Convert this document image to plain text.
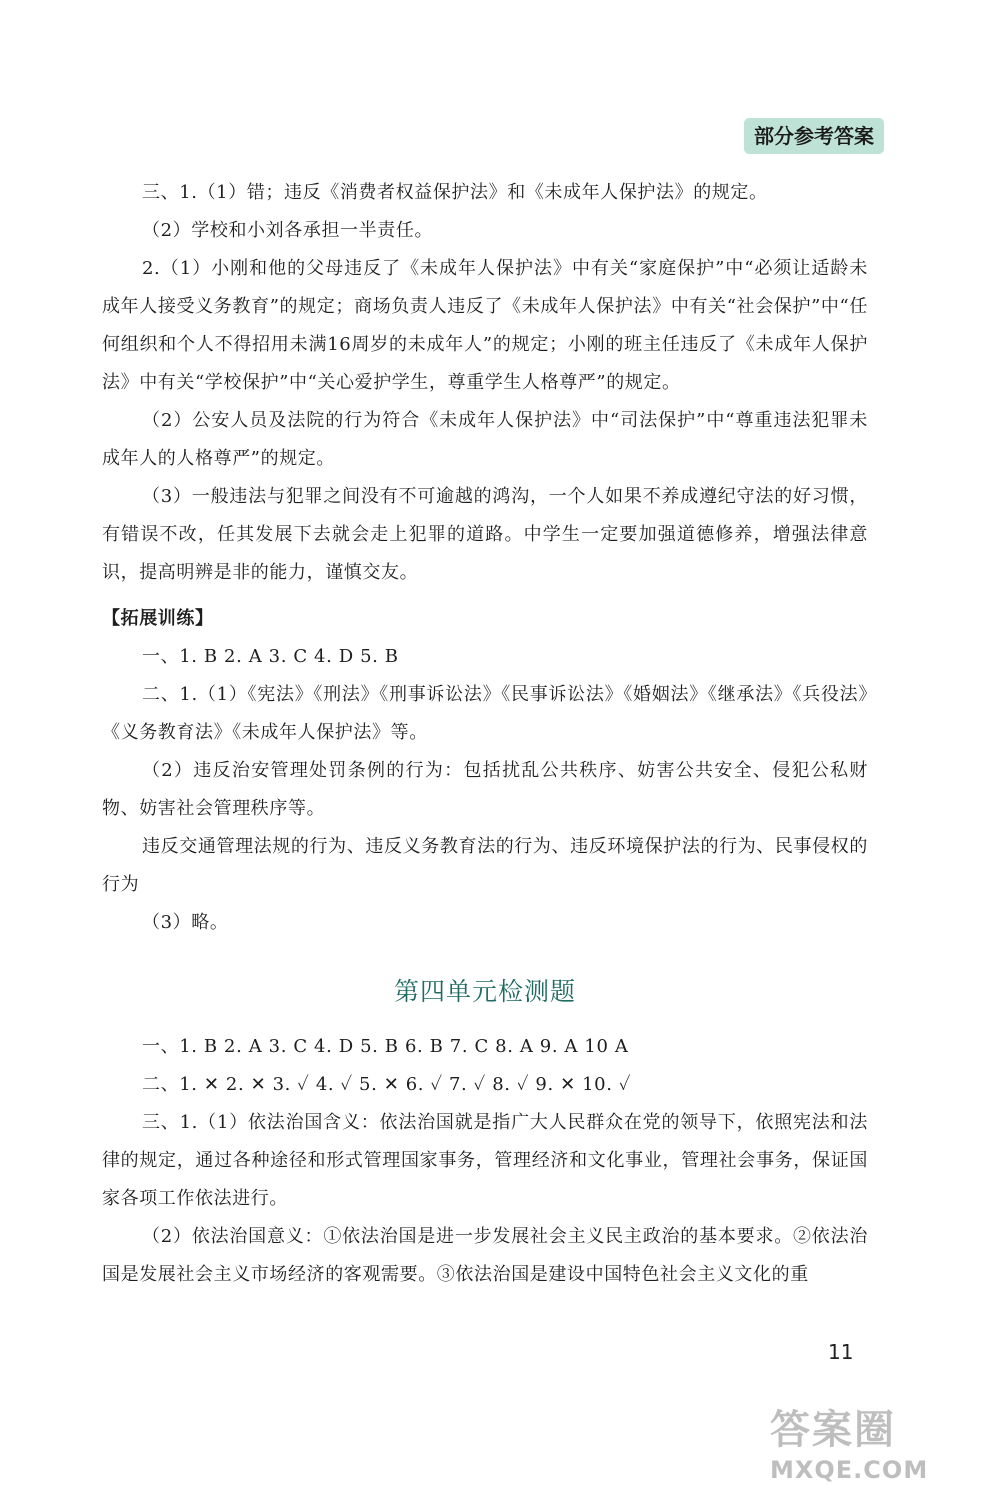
部分参考答案

三、1.（1）错；违反《消费者权益保护法》和《未成年人保护法》的规定。

（2）学校和小刘各承担一半责任。

2.（1）小刚和他的父母违反了《未成年人保护法》中有关“家庭保护”中“必须让适龄未成年人接受义务教育”的规定；商场负责人违反了《未成年人保护法》中有关“社会保护”中“任何组织和个人不得招用未满16周岁的未成年人”的规定；小刚的班主任违反了《未成年人保护法》中有关“学校保护”中“关心爱护学生，尊重学生人格尊严”的规定。

（2）公安人员及法院的行为符合《未成年人保护法》中“司法保护”中“尊重违法犯罪未成年人的人格尊严”的规定。

（3）一般违法与犯罪之间没有不可逾越的鸿沟，一个人如果不养成遵纪守法的好习惯，有错误不改，任其发展下去就会走上犯罪的道路。中学生一定要加强道德修养，增强法律意识，提高明辨是非的能力，谨慎交友。

【拓展训练】

一、1. B 2. A 3. C 4. D 5. B

二、1.（1）《宪法》《刑法》《刑事诉讼法》《民事诉讼法》《婚姻法》《继承法》《兵役法》《义务教育法》《未成年人保护法》等。

（2）违反治安管理处罚条例的行为：包括扰乱公共秩序、妨害公共安全、侵犯公私财物、妨害社会管理秩序等。

违反交通管理法规的行为、违反义务教育法的行为、违反环境保护法的行为、民事侵权的行为

（3）略。

第四单元检测题

一、1. B 2. A 3. C 4. D 5. B 6. B 7. C 8. A 9. A 10 A

二、1. ✕ 2. ✕ 3. ✓ 4. ✓ 5. ✕ 6. ✓ 7. ✓ 8. ✓ 9. ✕ 10. ✓

三、1.（1）依法治国含义：依法治国就是指广大人民群众在党的领导下，依照宪法和法律的规定，通过各种途径和形式管理国家事务，管理经济和文化事业，管理社会事务，保证国家各项工作依法进行。

（2）依法治国意义：①依法治国是进一步发展社会主义民主政治的基本要求。②依法治国是发展社会主义市场经济的客观需要。③依法治国是建设中国特色社会主义文化的重

11
答案圈
MXQE.COM
